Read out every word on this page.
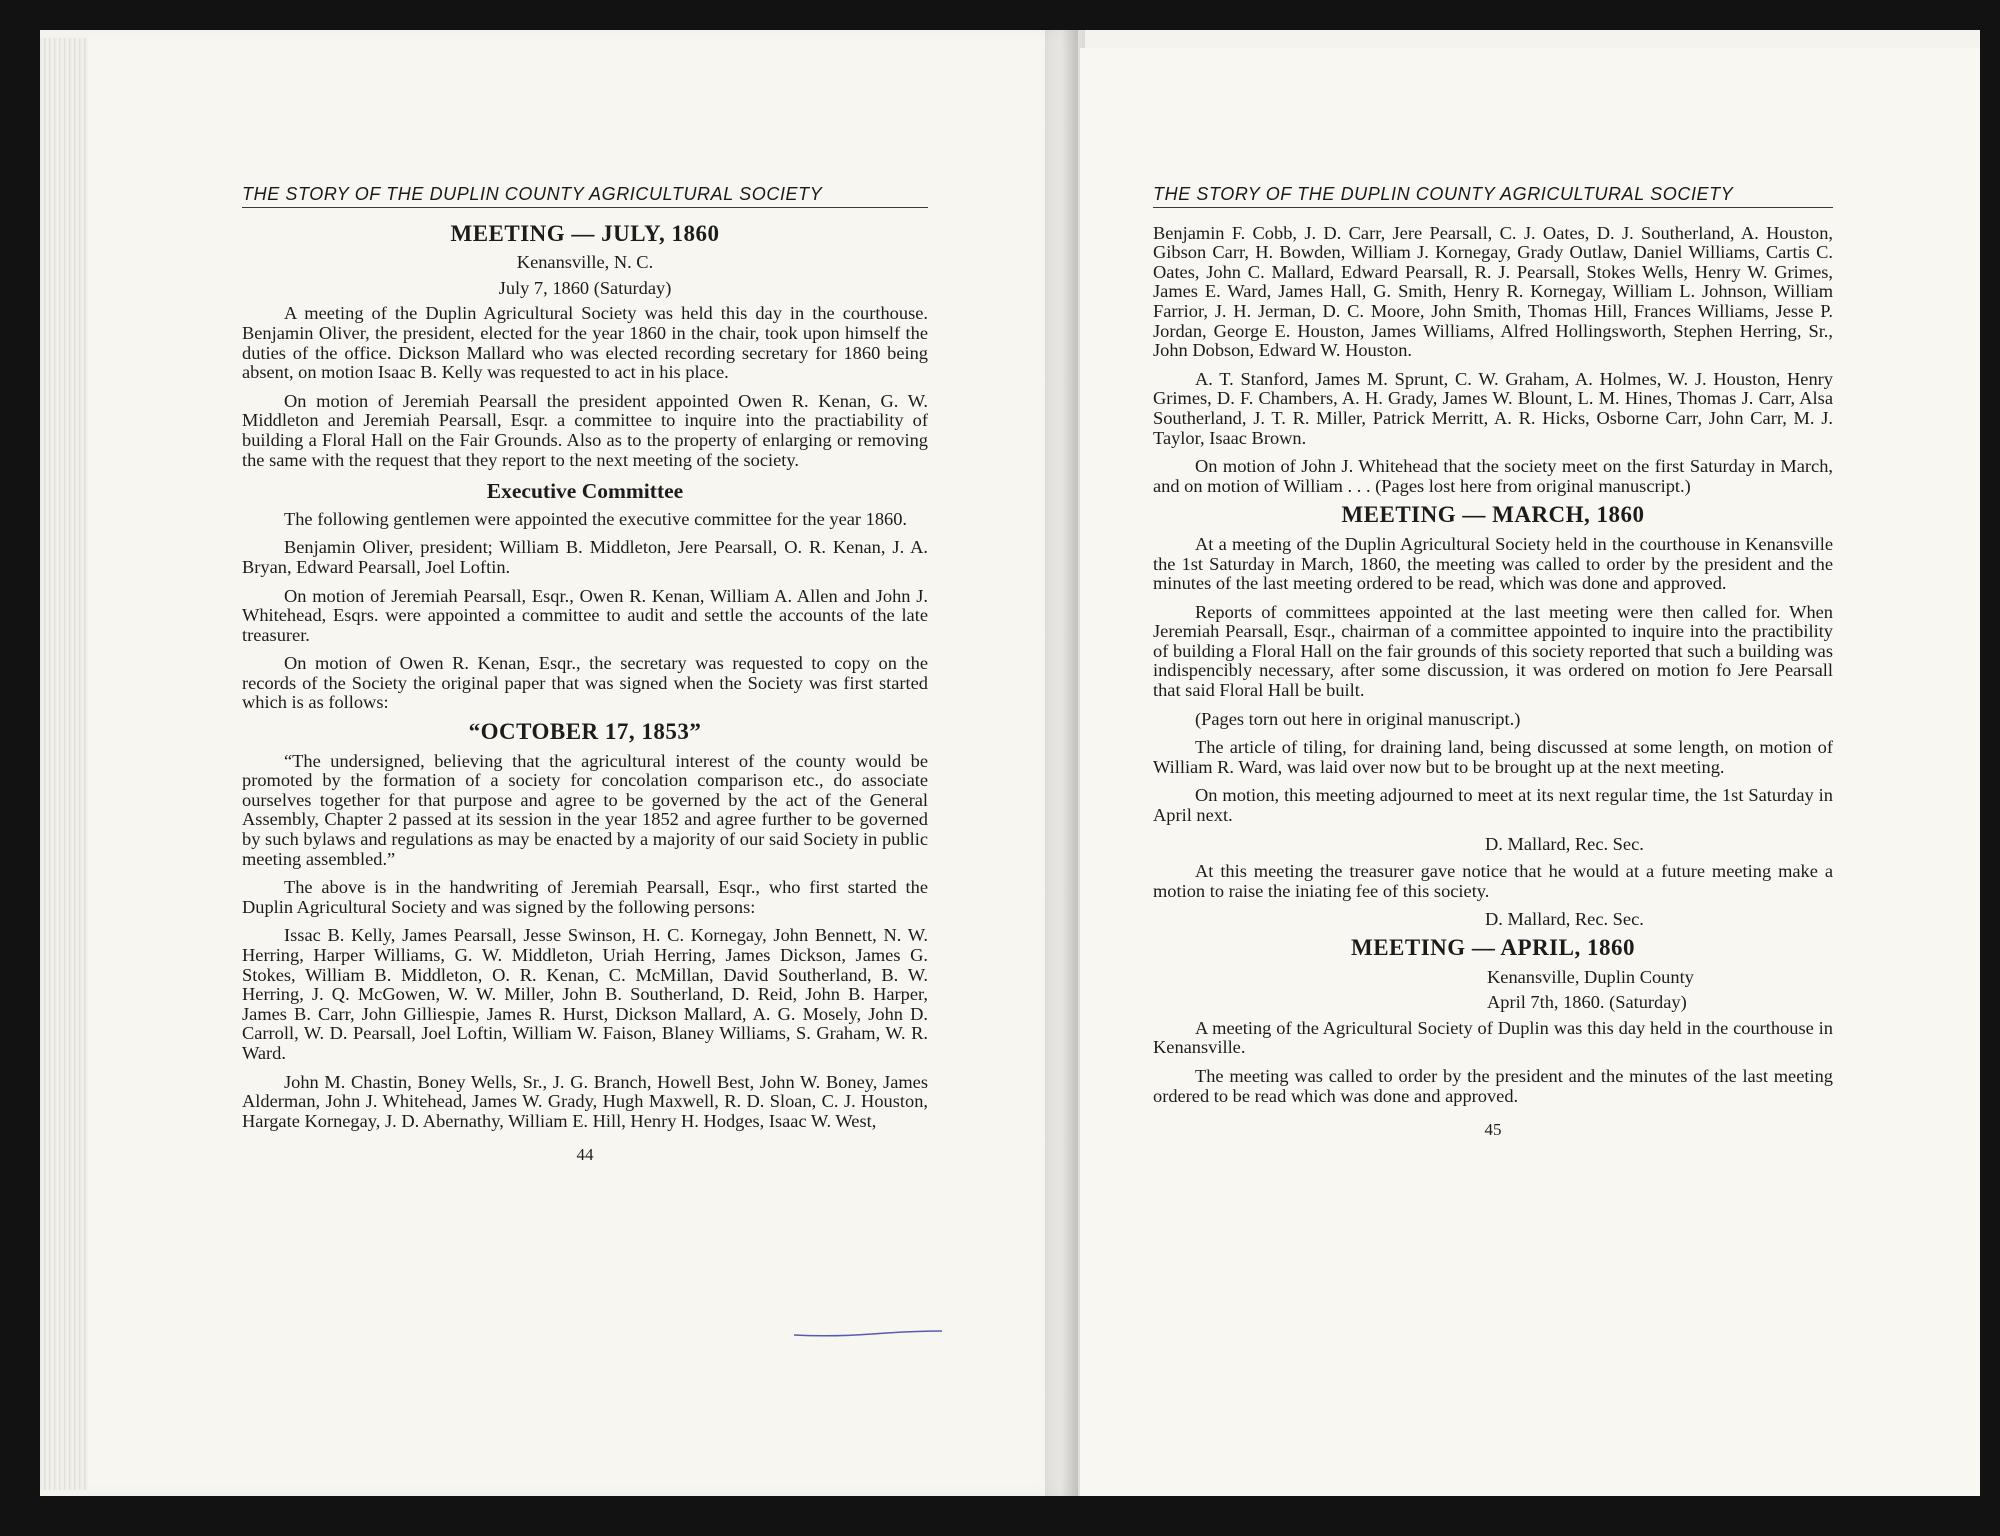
THE STORY OF THE DUPLIN COUNTY AGRICULTURAL SOCIETY
MEETING — JULY, 1860
Kenansville, N. C.
July 7, 1860 (Saturday)

A meeting of the Duplin Agricultural Society was held this day in the courthouse. Benjamin Oliver, the president, elected for the year 1860 in the chair, took upon himself the duties of the office. Dickson Mallard who was elected recording secretary for 1860 being absent, on motion Isaac B. Kelly was requested to act in his place.

On motion of Jeremiah Pearsall the president appointed Owen R. Kenan, G. W. Middleton and Jeremiah Pearsall, Esqr. a committee to inquire into the practiability of building a Floral Hall on the Fair Grounds. Also as to the property of enlarging or removing the same with the request that they report to the next meeting of the society.

Executive Committee

The following gentlemen were appointed the executive committee for the year 1860.

Benjamin Oliver, president; William B. Middleton, Jere Pearsall, O. R. Kenan, J. A. Bryan, Edward Pearsall, Joel Loftin.

On motion of Jeremiah Pearsall, Esqr., Owen R. Kenan, William A. Allen and John J. Whitehead, Esqrs. were appointed a committee to audit and settle the accounts of the late treasurer.

On motion of Owen R. Kenan, Esqr., the secretary was requested to copy on the records of the Society the original paper that was signed when the Society was first started which is as follows:

“OCTOBER 17, 1853”

“The undersigned, believing that the agricultural interest of the county would be promoted by the formation of a society for concolation comparison etc., do associate ourselves together for that purpose and agree to be governed by the act of the General Assembly, Chapter 2 passed at its session in the year 1852 and agree further to be governed by such bylaws and regulations as may be enacted by a majority of our said Society in public meeting assembled.”

The above is in the handwriting of Jeremiah Pearsall, Esqr., who first started the Duplin Agricultural Society and was signed by the following persons:

Issac B. Kelly, James Pearsall, Jesse Swinson, H. C. Kornegay, John Bennett, N. W. Herring, Harper Williams, G. W. Middleton, Uriah Herring, James Dickson, James G. Stokes, William B. Middleton, O. R. Kenan, C. McMillan, David Southerland, B. W. Herring, J. Q. McGowen, W. W. Miller, John B. Southerland, D. Reid, John B. Harper, James B. Carr, John Gilliespie, James R. Hurst, Dickson Mallard, A. G. Mosely, John D. Carroll, W. D. Pearsall, Joel Loftin, William W. Faison, Blaney Williams, S. Graham, W. R. Ward.

John M. Chastin, Boney Wells, Sr., J. G. Branch, Howell Best, John W. Boney, James Alderman, John J. Whitehead, James W. Grady, Hugh Maxwell, R. D. Sloan, C. J. Houston, Hargate Kornegay, J. D. Abernathy, William E. Hill, Henry H. Hodges, Isaac W. West,

44
THE STORY OF THE DUPLIN COUNTY AGRICULTURAL SOCIETY

Benjamin F. Cobb, J. D. Carr, Jere Pearsall, C. J. Oates, D. J. Southerland, A. Houston, Gibson Carr, H. Bowden, William J. Kornegay, Grady Outlaw, Daniel Williams, Cartis C. Oates, John C. Mallard, Edward Pearsall, R. J. Pearsall, Stokes Wells, Henry W. Grimes, James E. Ward, James Hall, G. Smith, Henry R. Kornegay, William L. Johnson, William Farrior, J. H. Jerman, D. C. Moore, John Smith, Thomas Hill, Frances Williams, Jesse P. Jordan, George E. Houston, James Williams, Alfred Hollingsworth, Stephen Herring, Sr., John Dobson, Edward W. Houston.

A. T. Stanford, James M. Sprunt, C. W. Graham, A. Holmes, W. J. Houston, Henry Grimes, D. F. Chambers, A. H. Grady, James W. Blount, L. M. Hines, Thomas J. Carr, Alsa Southerland, J. T. R. Miller, Patrick Merritt, A. R. Hicks, Osborne Carr, John Carr, M. J. Taylor, Isaac Brown.

On motion of John J. Whitehead that the society meet on the first Saturday in March, and on motion of William . . . (Pages lost here from original manuscript.)

MEETING — MARCH, 1860

At a meeting of the Duplin Agricultural Society held in the courthouse in Kenansville the 1st Saturday in March, 1860, the meeting was called to order by the president and the minutes of the last meeting ordered to be read, which was done and approved.

Reports of committees appointed at the last meeting were then called for. When Jeremiah Pearsall, Esqr., chairman of a committee appointed to inquire into the practibility of building a Floral Hall on the fair grounds of this society reported that such a building was indispencibly necessary, after some discussion, it was ordered on motion fo Jere Pearsall that said Floral Hall be built.

(Pages torn out here in original manuscript.)

The article of tiling, for draining land, being discussed at some length, on motion of William R. Ward, was laid over now but to be brought up at the next meeting.

On motion, this meeting adjourned to meet at its next regular time, the 1st Saturday in April next.

D. Mallard, Rec. Sec.

At this meeting the treasurer gave notice that he would at a future meeting make a motion to raise the iniating fee of this society.

D. Mallard, Rec. Sec.
MEETING — APRIL, 1860
Kenansville, Duplin County
April 7th, 1860. (Saturday)

A meeting of the Agricultural Society of Duplin was this day held in the courthouse in Kenansville.

The meeting was called to order by the president and the minutes of the last meeting ordered to be read which was done and approved.

45
